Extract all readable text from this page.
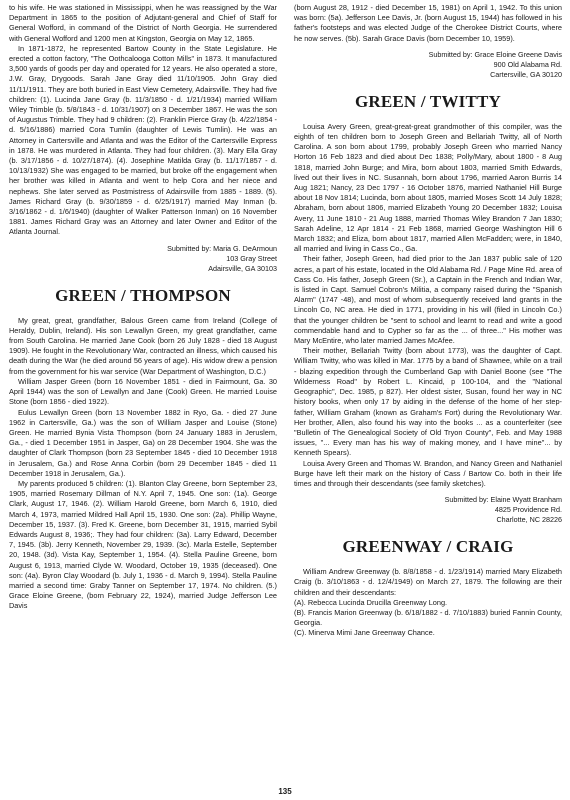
to his wife. He was stationed in Mississippi, when he was reassigned by the War Department in 1865 to the position of Adjutant-general and Chief of Staff for General Wofford, in command of the District of North Georgia. He surrendered with General Wofford and 1200 men at Kingston, Georgia on May 12, 1865.

In 1871-1872, he represented Bartow County in the State Legislature. He erected a cotton factory, "The Oothcalooga Cotton Mills" in 1873. It manufactured 3,500 yards of goods per day and operated for 12 years. He also operated a store, J.W. Gray, Drygoods. Sarah Jane Gray died 11/10/1905. John Gray died 11/11/1911. They are both buried in East View Cemetery, Adairsville. They had five children: (1). Lucinda Jane Gray (b. 11/3/1850 - d. 1/21/1934) married William Wiley Trimble (b. 5/8/1843 - d. 10/31/1907) on 3 December 1867. He was the son of Augustus Trimble. They had 9 children: (2). Franklin Pierce Gray (b. 4/22/1854 - d. 5/16/1886) married Cora Tumlin (daughter of Lewis Tumlin). He was an Attorney in Cartersville and Atlanta and was the Editor of the Cartersville Express in 1878. He was murdered in Atlanta. They had four children. (3). Mary Ella Gray (b. 3/17/1856 - d. 10/27/1874). (4). Josephine Matilda Gray (b. 11/17/1857 - d. 10/13/1932) She was engaged to be married, but broke off the engagement when her brother was killed in Atlanta and went to help Cora and her niece and nephews. She later served as Postmistress of Adairsville from 1885 - 1889. (5). James Richard Gray (b. 9/30/1859 - d. 6/25/1917) married May Inman (b. 3/16/1862 - d. 1/6/1940) (daughter of Walker Patterson Inman) on 16 November 1881. James Richard Gray was an Attorney and later Owner and Editor of the Atlanta Journal.

Submitted by: Maria G. DeArmoun

103 Gray Street

Adairsville, GA 30103

GREEN / THOMPSON

My great, great, grandfather, Balous Green came from Ireland (College of Heraldy, Dublin, Ireland). His son Lewallyn Green, my great grandfather, came from South Carolina. He married Jane Cook (born 26 July 1828 - died 18 August 1909). He fought in the Revolutionary War, contracted an illness, which caused his death during the War (he died around 56 years of age). His widow drew a pension from the government for his war service (War Department of Washington, D.C.)

William Jasper Green (born 16 November 1851 - died in Fairmount, Ga. 30 April 1944) was the son of Lewallyn and Jane (Cook) Green. He married Louise Stone (born 1856 - died 1922).

Eulus Lewallyn Green (born 13 November 1882 in Ryo, Ga. - died 27 June 1962 in Cartersville, Ga.) was the son of William Jasper and Louise (Stone) Green. He married Bynia Vista Thompson (born 24 January 1883 in Jeruslem, Ga., - died 1 December 1951 in Jasper, Ga) on 28 December 1904. She was the daughter of Clark Thompson (born 23 September 1845 - died 10 December 1918 in Jerusalem, Ga.) and Rose Anna Corbin (born 29 December 1845 - died 11 December 1918 in Jerusalem, Ga.).

My parents produced 5 children: (1). Blanton Clay Greene, born September 23, 1905, married Rosemary Dillman of N.Y. April 7, 1945. One son: (1a). George Clark, August 17, 1946. (2). William Harold Greene, born March 6, 1910, died March 4, 1973, married Mildred Hall April 15, 1930. One son: (2a). Phillip Wayne, December 15, 1937. (3). Fred K. Greene, born December 31, 1915, married Sybil Edwards August 8, 1936;. They had four children: (3a). Larry Edward, December 7, 1945. (3b). Jerry Kenneth, November 29, 1939. (3c). Marla Estelle, September 20, 1948. (3d). Vista Kay, September 1, 1954. (4). Stella Pauline Greene, born August 6, 1913, married Clyde W. Woodard, October 19, 1935 (deceased). One son: (4a). Byron Clay Woodard (b. July 1, 1936 - d. March 9, 1994). Stella Pauline married a second time: Graby Tanner on September 17, 1974. No children. (5.) Grace Eloine Greene, (born February 22, 1924), married Judge Jefferson Lee Davis

(born August 28, 1912 - died December 15, 1981) on April 1, 1942. To this union was born: (5a). Jefferson Lee Davis, Jr. (born August 15, 1944) has followed in his father's footsteps and was elected Judge of the Cherokee District Courts, where he now serves. (5b). Sarah Grace Davis (born December 10, 1959).

Submitted by: Grace Eloine Greene Davis

900 Old Alabama Rd.

Cartersville, GA 30120

GREEN / TWITTY

Louisa Avery Green, great-great-great grandmother of this compiler, was the eighth of ten children born to Joseph Green and Bellariah Twitty, all of North Carolina. A son born about 1799, probably Joseph Green who married Nancy Horton 16 Feb 1823 and died about Dec 1838; Polly/Mary, about 1800 - 8 Aug 1818, married John Burge; and Mira, born about 1803, married Smith Edwards, lived out their lives in NC. Susannah, born about 1796, married Aaron Burris 14 Aug 1821; Nancy, 23 Dec 1797 - 16 October 1876, married Nathaniel Hill Burge about 18 Nov 1814; Lucinda, born about 1805, married Moses Scott 14 July 1828; Abraham, born about 1806, married Elizabeth Young 20 December 1832; Louisa Avery, 11 June 1810 - 21 Aug 1888, married Thomas Wiley Brandon 7 Jan 1830; Sarah Adeline, 12 Apr 1814 - 21 Feb 1868, married George Washington Hill 6 March 1832; and Eliza, born about 1817, married Allen McFadden; were, in 1840, all married and living in Cass Co., Ga.

Their father, Joseph Green, had died prior to the Jan 1837 public sale of 120 acres, a part of his estate, located in the Old Alabama Rd. / Page Mine Rd. area of Cass Co. His father, Joseph Green (Sr.), a Captain in the French and Indian War, is listed in Capt. Samuel Cobron's Militia, a company raised during the "Spanish Alarm" (1747 -48), and most of whom subsequently received land grants in the Lincoln Co, NC area. He died in 1771, providing in his will (filed in Lincoln Co.) that the younger children be "sent to school and learnt to read and write a good commendable hand and to Cypher so far as the ... of three..." His mother was Mary McEntire, who later married James McAfee.

Their mother, Bellariah Twitty (born about 1773), was the daughter of Capt. William Twitty, who was killed in Mar. 1775 by a band of Shawnee, while on a trail - blazing expedition through the Cumberland Gap with Daniel Boone (see "The Wilderness Road" by Robert L. Kincaid, p 100-104, and the "National Geographic", Dec. 1985, p 827). Her oldest sister, Susan, found her way in NC history books, when only 17 by aiding in the defense of the home of her step-father, William Graham (known as Graham's Fort) during the Revolutionary War. Her brother, Allen, also found his way into the books ... as a counterfeiter (see "Bulletin of The Genealogical Society of Old Tryon County", Feb. and May 1988 issues, "... Every man has his way of making money, and I have mine"... by Kenneth Spears).

Louisa Avery Green and Thomas W. Brandon, and Nancy Green and Nathaniel Burge have left their mark on the history of Cass / Bartow Co. both in their life times and through their descendants (see family sketches).

Submitted by: Elaine Wyatt Branham

4825 Providence Rd.

Charlotte, NC 28226

GREENWAY / CRAIG

William Andrew Greenway (b. 8/8/1858 - d. 1/23/1914) married Mary Elizabeth Craig (b. 3/10/1863 - d. 12/4/1949) on March 27, 1879. The following are their children and their descendants:

(A). Rebecca Lucinda Drucilla Greenway Long.

(B). Francis Marion Greenway (b. 6/18/1882 - d. 7/10/1883) buried Fannin County, Georgia.

(C). Minerva Mimi Jane Greenway Chance.

135
